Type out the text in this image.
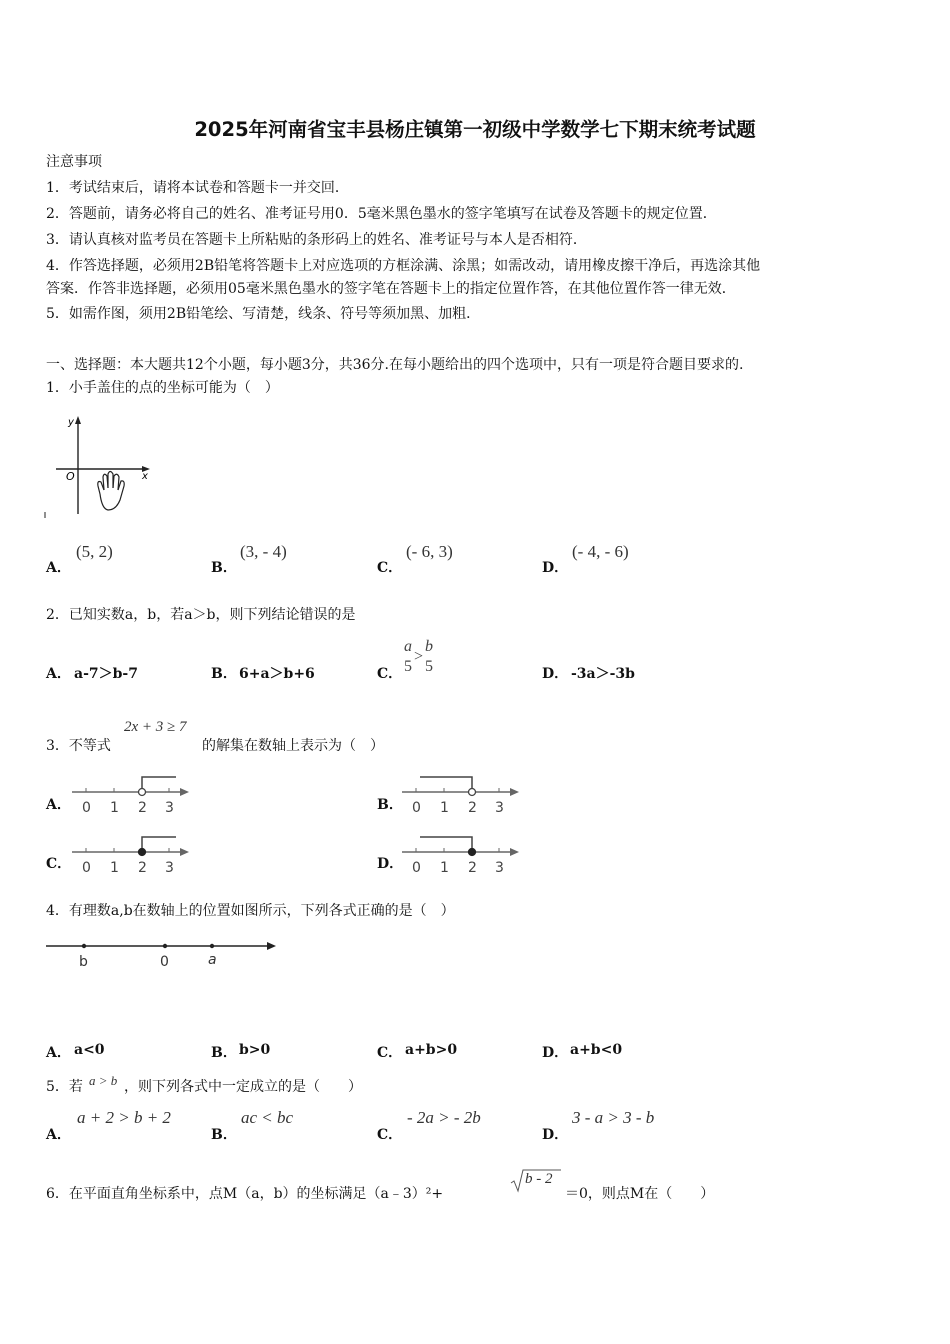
2025年河南省宝丰县杨庄镇第一初级中学数学七下期末统考试题
注意事项
1．考试结束后，请将本试卷和答题卡一并交回．
2．答题前，请务必将自己的姓名、准考证号用0．5毫米黑色墨水的签字笔填写在试卷及答题卡的规定位置．
3．请认真核对监考员在答题卡上所粘贴的条形码上的姓名、准考证号与本人是否相符．
4．作答选择题，必须用2B铅笔将答题卡上对应选项的方框涂满、涂黑；如需改动，请用橡皮擦干净后，再选涂其他
答案．作答非选择题，必须用05毫米黑色墨水的签字笔在答题卡上的指定位置作答，在其他位置作答一律无效．
5．如需作图，须用2B铅笔绘、写清楚，线条、符号等须加黑、加粗．
一、选择题：本大题共12个小题，每小题3分，共36分.在每小题给出的四个选项中，只有一项是符合题目要求的.
1．小手盖住的点的坐标可能为（　）
y
x
O
A．
(5, 2)
B．
(3, - 4)
C．
(- 6, 3)
D．
(- 4, - 6)
2．已知实数a，b，若a＞b，则下列结论错误的是
A． a-7＞b-7	B． 6+a＞b+6	C．
a
5
>
b
5	D． -3a＞-3b
3．不等式
2x + 3 ≥ 7
的解集在数轴上表示为（　）
A． 0 1 2 3	B． 0 1 2 3
C． 0 1 2 3	D． 0 1 2 3
4．有理数a,b在数轴上的位置如图所示，下列各式正确的是（　）
b	0	a
A． a<0	B． b>0	C． a+b>0	D． a+b<0
5．若 a > b ，则下列各式中一定成立的是（　　）
A．
a + 2 > b + 2
B．
ac < bc
C．
- 2a > - 2b
D．
3 - a > 3 - b
6．在平面直角坐标系中，点M（a，b）的坐标满足（a﹣3）²+
b - 2
＝0，则点M在（　　）
